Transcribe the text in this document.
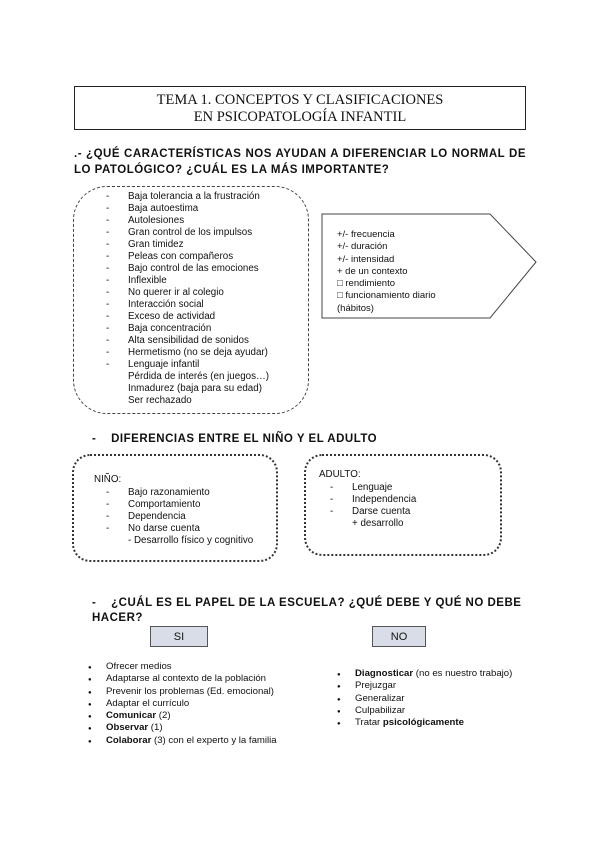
TEMA 1. CONCEPTOS Y CLASIFICACIONES
EN PSICOPATOLOGÍA INFANTIL
.- ¿QUÉ CARACTERÍSTICAS NOS AYUDAN A DIFERENCIAR LO NORMAL DE LO PATOLÓGICO? ¿CUÁL ES LA MÁS IMPORTANTE?
- Baja tolerancia a la frustración
- Baja autoestima
- Autolesiones
- Gran control de los impulsos
- Gran timidez
- Peleas con compañeros
- Bajo control de las emociones
- Inflexible
- No querer ir al colegio
- Interacción social
- Exceso de actividad
- Baja concentración
- Alta sensibilidad de sonidos
- Hermetismo (no se deja ayudar)
- Lenguaje infantil
Pérdida de interés (en juegos…)
Inmadurez (baja para su edad)
Ser rechazado
+/- frecuencia
+/- duración
+/- intensidad
+ de un contexto
□ rendimiento
□ funcionamiento diario
(hábitos)
-    DIFERENCIAS ENTRE EL NIÑO Y EL ADULTO
NIÑO:
- Bajo razonamiento
- Comportamiento
- Dependencia
- No darse cuenta
- Desarrollo físico y cognitivo
ADULTO:
- Lenguaje
- Independencia
- Darse cuenta
+ desarrollo
-    ¿CUÁL ES EL PAPEL DE LA ESCUELA? ¿QUÉ DEBE Y QUÉ NO DEBE HACER?
SI	NO
● Ofrecer medios
● Adaptarse al contexto de la población
● Prevenir los problemas (Ed. emocional)
● Adaptar el currículo
● Comunicar (2)
● Observar (1)
● Colaborar (3) con el experto y la familia
● Diagnosticar (no es nuestro trabajo)
● Prejuzgar
● Generalizar
● Culpabilizar
● Tratar psicológicamente
